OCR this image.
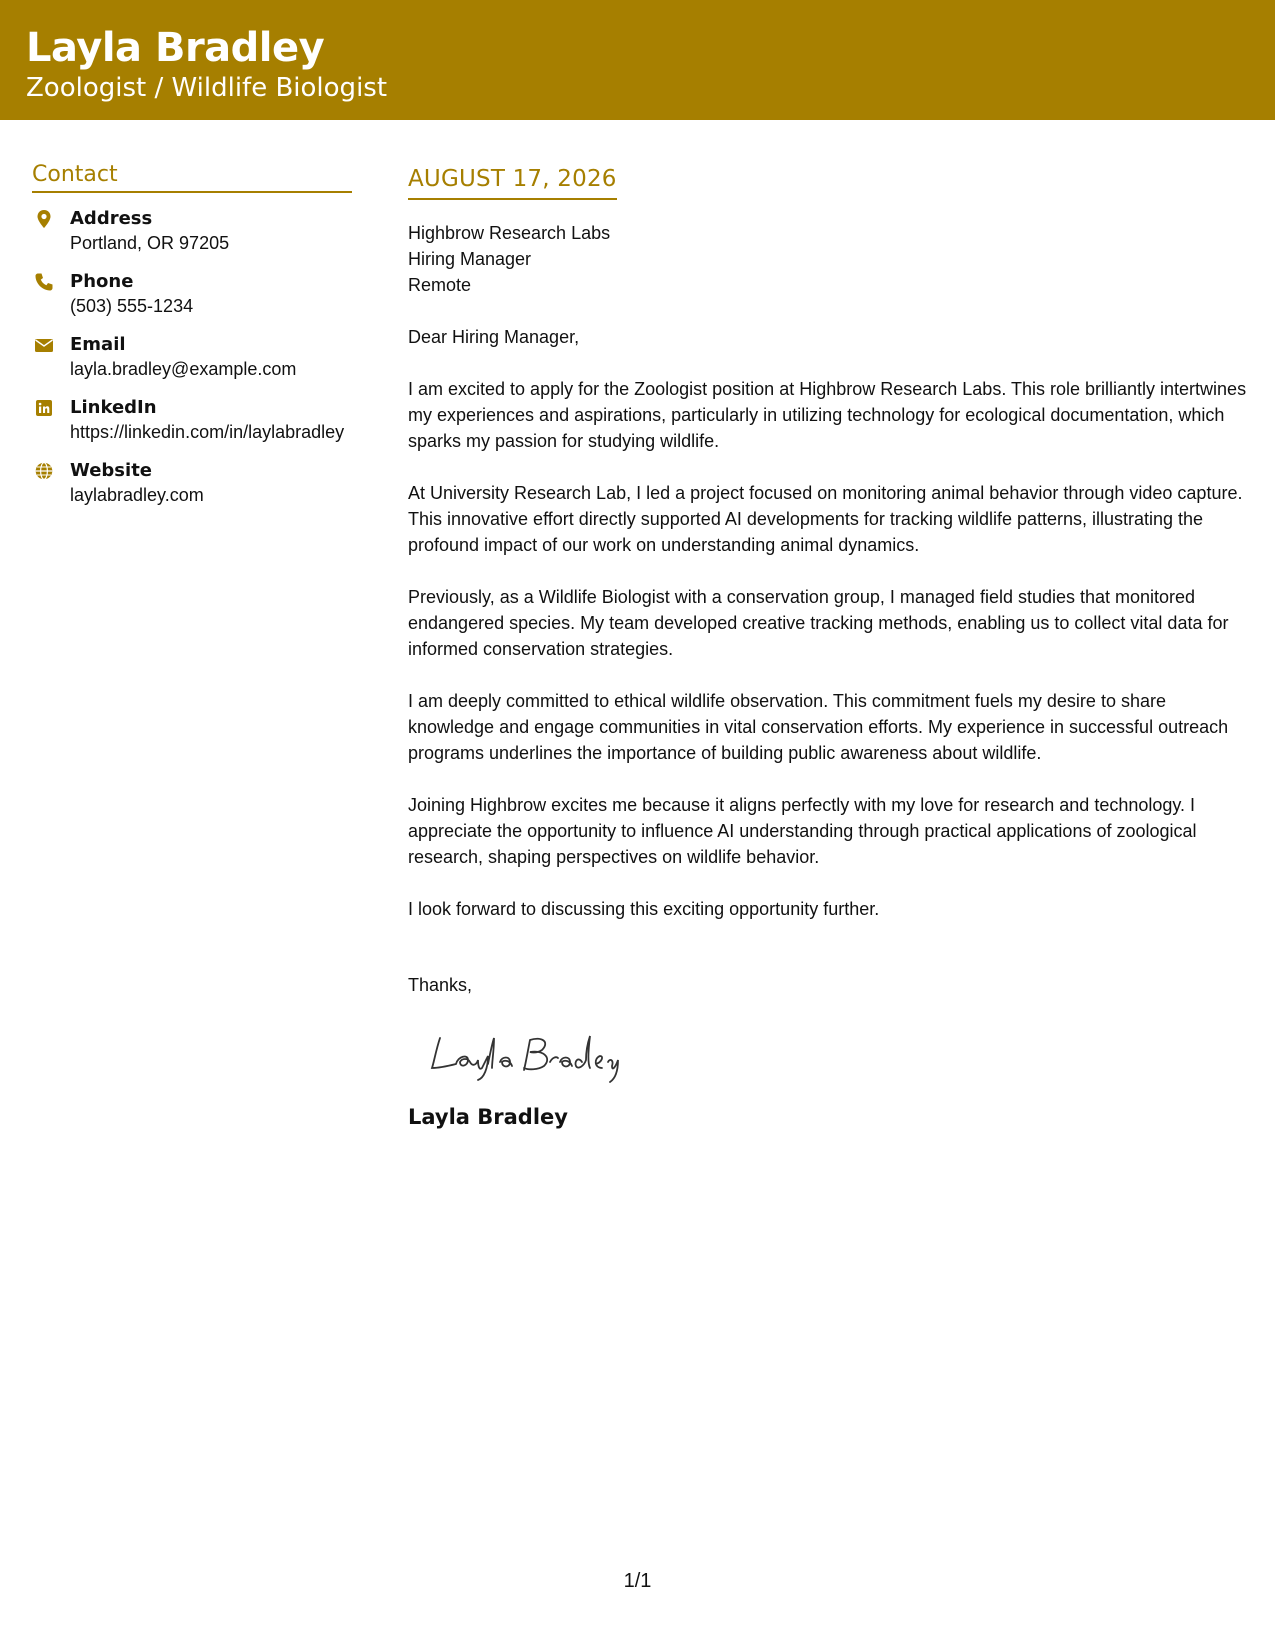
Layla Bradley
Zoologist / Wildlife Biologist
Contact
Address
Portland, OR 97205
Phone
(503) 555-1234
Email
layla.bradley@example.com
LinkedIn
https://linkedin.com/in/laylabradley
Website
laylabradley.com
AUGUST 17, 2026
Highbrow Research Labs
Hiring Manager
Remote
Dear Hiring Manager,

I am excited to apply for the Zoologist position at Highbrow Research Labs. This role brilliantly intertwines my experiences and aspirations, particularly in utilizing technology for ecological documentation, which sparks my passion for studying wildlife.

At University Research Lab, I led a project focused on monitoring animal behavior through video capture. This innovative effort directly supported AI developments for tracking wildlife patterns, illustrating the profound impact of our work on understanding animal dynamics.

Previously, as a Wildlife Biologist with a conservation group, I managed field studies that monitored endangered species. My team developed creative tracking methods, enabling us to collect vital data for informed conservation strategies.

I am deeply committed to ethical wildlife observation. This commitment fuels my desire to share knowledge and engage communities in vital conservation efforts. My experience in successful outreach programs underlines the importance of building public awareness about wildlife.

Joining Highbrow excites me because it aligns perfectly with my love for research and technology. I appreciate the opportunity to influence AI understanding through practical applications of zoological research, shaping perspectives on wildlife behavior.

I look forward to discussing this exciting opportunity further.

Thanks,
Layla Bradley
1/1
